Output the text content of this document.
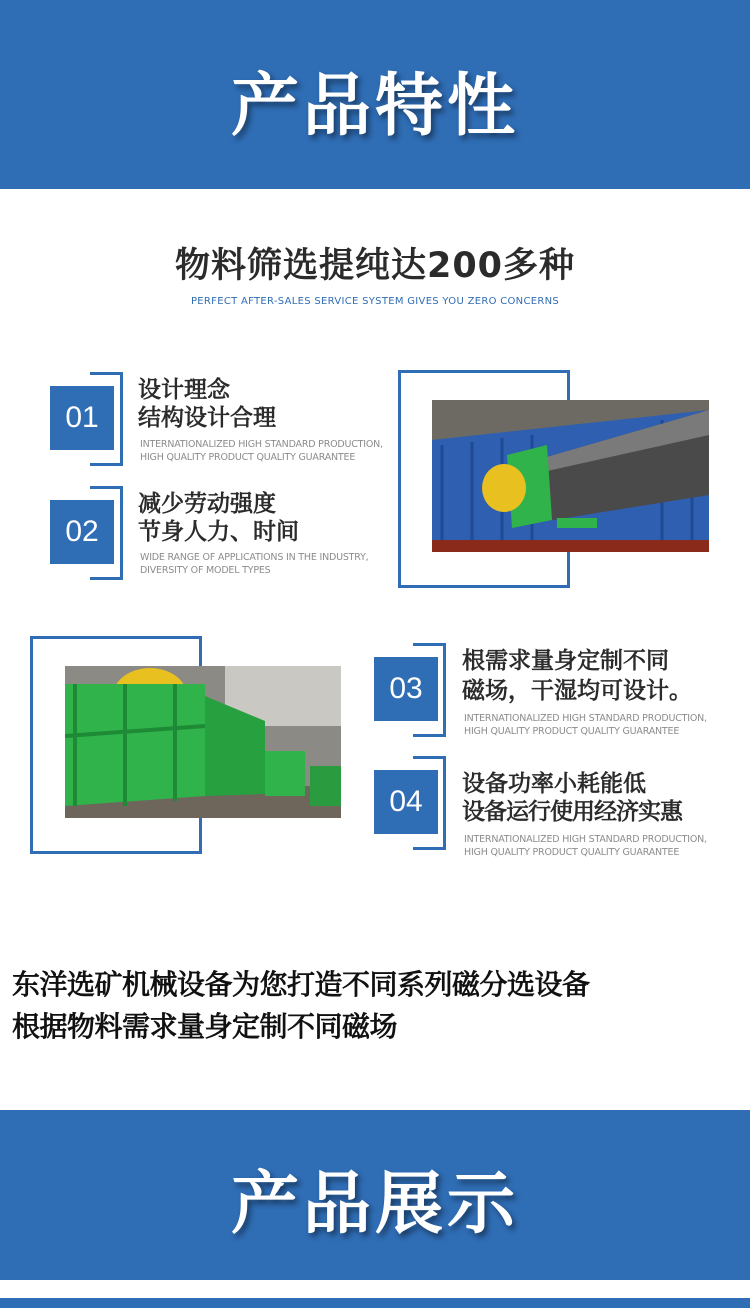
产品特性
物料筛选提纯达200多种
PERFECT AFTER-SALES SERVICE SYSTEM GIVES YOU ZERO CONCERNS
01
设计理念
结构设计合理
INTERNATIONALIZED HIGH STANDARD PRODUCTION,
HIGH QUALITY PRODUCT QUALITY GUARANTEE
02
减少劳动强度
节身人力、时间
WIDE RANGE OF APPLICATIONS IN THE INDUSTRY,
DIVERSITY OF MODEL TYPES
03
根需求量身定制不同
磁场，干湿均可设计。
INTERNATIONALIZED HIGH STANDARD PRODUCTION,
HIGH QUALITY PRODUCT QUALITY GUARANTEE
04
设备功率小耗能低
设备运行使用经济实惠
INTERNATIONALIZED HIGH STANDARD PRODUCTION,
HIGH QUALITY PRODUCT QUALITY GUARANTEE
东洋选矿机械设备为您打造不同系列磁分选设备
根据物料需求量身定制不同磁场
产品展示
